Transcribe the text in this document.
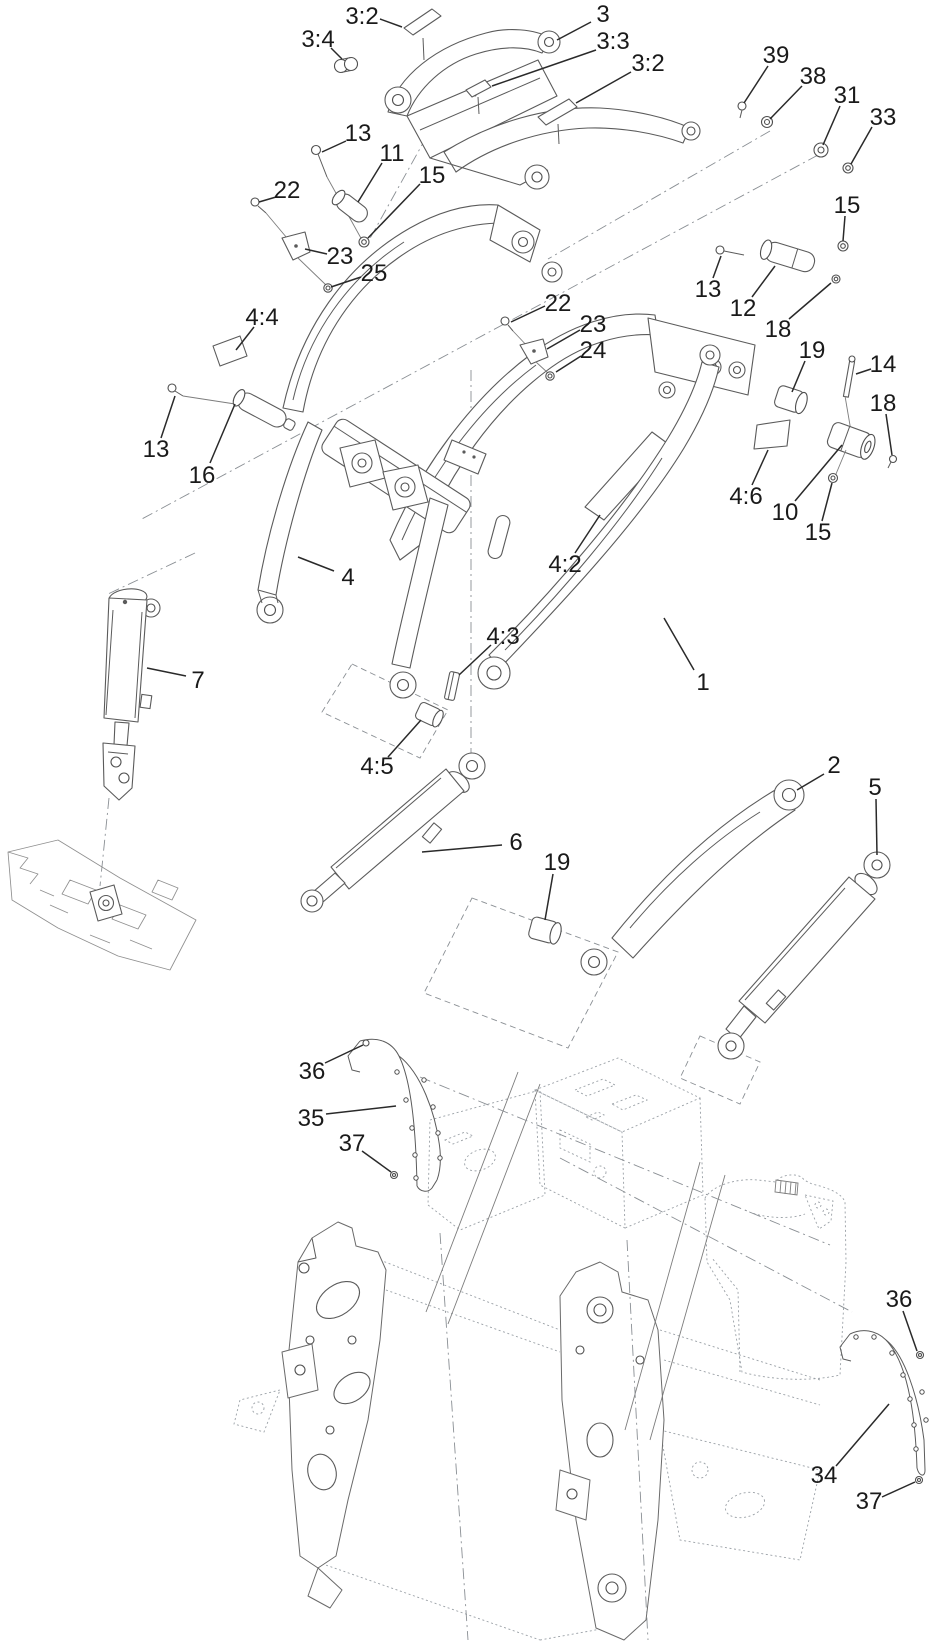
3:2	3
3:4	3:3
3:2	39
38
31
33
13
11
15
22
15
23
25
13
12
22
18
23
19
24
14
4:4
18
13
16
4:6
10
15
4	4:2
1
4:3
4:5	2
5
6
19
36
35
37
36
34
37
7
